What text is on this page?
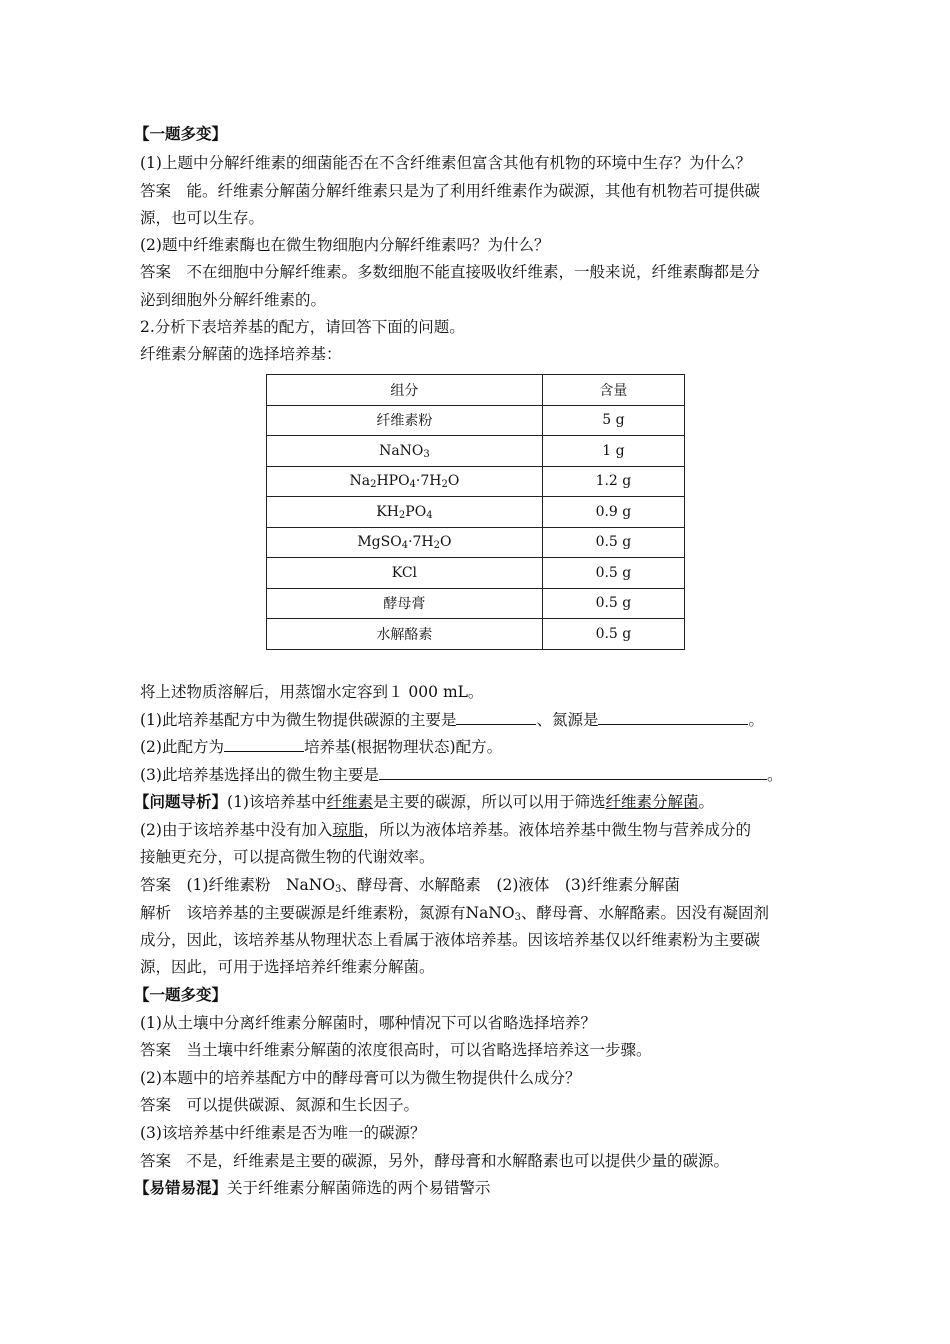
【一题多变】
(1)上题中分解纤维素的细菌能否在不含纤维素但富含其他有机物的环境中生存？为什么？
答案　能。纤维素分解菌分解纤维素只是为了利用纤维素作为碳源，其他有机物若可提供碳
源，也可以生存。
(2)题中纤维素酶也在微生物细胞内分解纤维素吗？为什么？
答案　不在细胞中分解纤维素。多数细胞不能直接吸收纤维素，一般来说，纤维素酶都是分
泌到细胞外分解纤维素的。
2.分析下表培养基的配方，请回答下面的问题。
纤维素分解菌的选择培养基：
组分	含量
纤维素粉	5 g
NaNO$_3$	1 g
$Na_2HPO_4\cdot 7H_2O$	1.2 g
$KH_2PO_4$	0.9 g
$MgSO_4\cdot 7H_2O$	0.5 g
KCl	0.5 g
酵母膏	0.5 g
水解酪素	0.5 g
将上述物质溶解后，用蒸馏水定容到１ 000 mL。
(1)此培养基配方中为微生物提供碳源的主要是	、氮源是	。
(2)此配方为	培养基(根据物理状态)配方。
(3)此培养基选择出的微生物主要是	。
【问题导析】(1)该培养基中纤维素是主要的碳源，所以可以用于筛选纤维素分解菌。
(2)由于该培养基中没有加入琼脂，所以为液体培养基。液体培养基中微生物与营养成分的
接触更充分，可以提高微生物的代谢效率。
答案　(1)纤维素粉　NaNO$_3$、酵母膏、水解酪素　(2)液体　(3)纤维素分解菌
解析　该培养基的主要碳源是纤维素粉，氮源有NaNO$_3$、酵母膏、水解酪素。因没有凝固剂
成分，因此，该培养基从物理状态上看属于液体培养基。因该培养基仅以纤维素粉为主要碳
源，因此，可用于选择培养纤维素分解菌。
【一题多变】
(1)从土壤中分离纤维素分解菌时，哪种情况下可以省略选择培养？
答案　当土壤中纤维素分解菌的浓度很高时，可以省略选择培养这一步骤。
(2)本题中的培养基配方中的酵母膏可以为微生物提供什么成分？
答案　可以提供碳源、氮源和生长因子。
(3)该培养基中纤维素是否为唯一的碳源？
答案　不是，纤维素是主要的碳源，另外，酵母膏和水解酪素也可以提供少量的碳源。
【易错易混】关于纤维素分解菌筛选的两个易错警示
